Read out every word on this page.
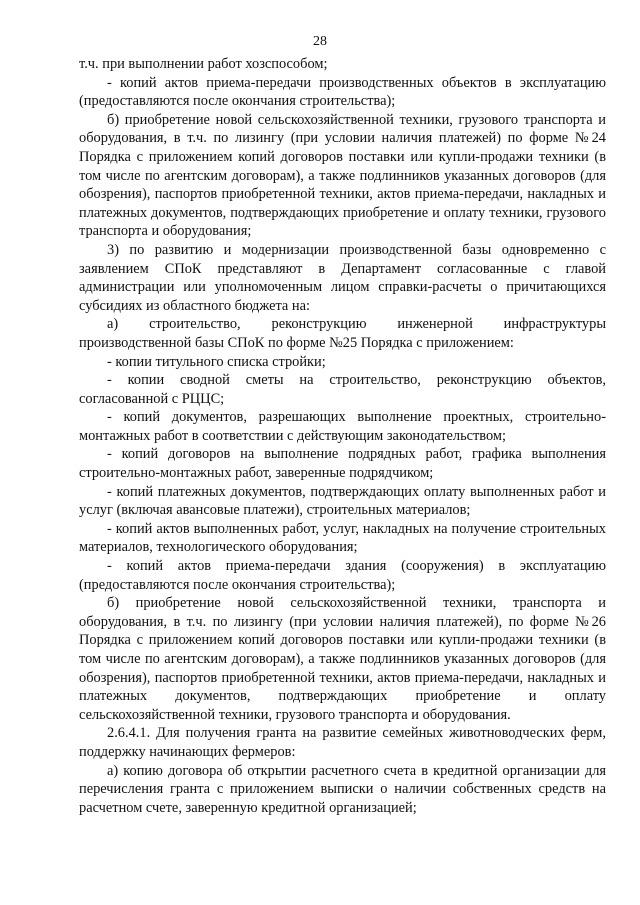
28

т.ч. при выполнении работ хозспособом;

- копий актов приема-передачи производственных объектов в эксплуатацию (предоставляются после окончания строительства);

б) приобретение новой сельскохозяйственной техники, грузового транспорта и оборудования, в т.ч. по лизингу (при условии наличия платежей) по форме №24 Порядка с приложением копий договоров поставки или купли-продажи техники (в том числе по агентским договорам), а также подлинников указанных договоров (для обозрения), паспортов приобретенной техники, актов приема-передачи, накладных и платежных документов, подтверждающих приобретение и оплату техники, грузового транспорта и оборудования;

3) по развитию и модернизации производственной базы одновременно с заявлением СПоК представляют в Департамент согласованные с главой администрации или уполномоченным лицом справки-расчеты о причитающихся субсидиях из областного бюджета на:

а) строительство, реконструкцию инженерной инфраструктуры производственной базы СПоК по форме №25 Порядка с приложением:

- копии титульного списка стройки;

- копии сводной сметы на строительство, реконструкцию объектов, согласованной с РЦЦС;

- копий документов, разрешающих выполнение проектных, строительно-монтажных работ в соответствии с действующим законодательством;

- копий договоров на выполнение подрядных работ, графика выполнения строительно-монтажных работ, заверенные подрядчиком;

- копий платежных документов, подтверждающих оплату выполненных работ и услуг (включая авансовые платежи), строительных материалов;

- копий актов выполненных работ, услуг, накладных на получение строительных материалов, технологического оборудования;

- копий актов приема-передачи здания (сооружения) в эксплуатацию (предоставляются после окончания строительства);

б) приобретение новой сельскохозяйственной техники, транспорта и оборудования, в т.ч. по лизингу (при условии наличия платежей), по форме №26 Порядка с приложением копий договоров поставки или купли-продажи техники (в том числе по агентским договорам), а также подлинников указанных договоров (для обозрения), паспортов приобретенной техники, актов приема-передачи, накладных и платежных документов, подтверждающих приобретение и оплату сельскохозяйственной техники, грузового транспорта и оборудования.

2.6.4.1. Для получения гранта на развитие семейных животноводческих ферм, поддержку начинающих фермеров:

а) копию договора об открытии расчетного счета в кредитной организации для перечисления гранта с приложением выписки о наличии собственных средств на расчетном счете, заверенную кредитной организацией;
